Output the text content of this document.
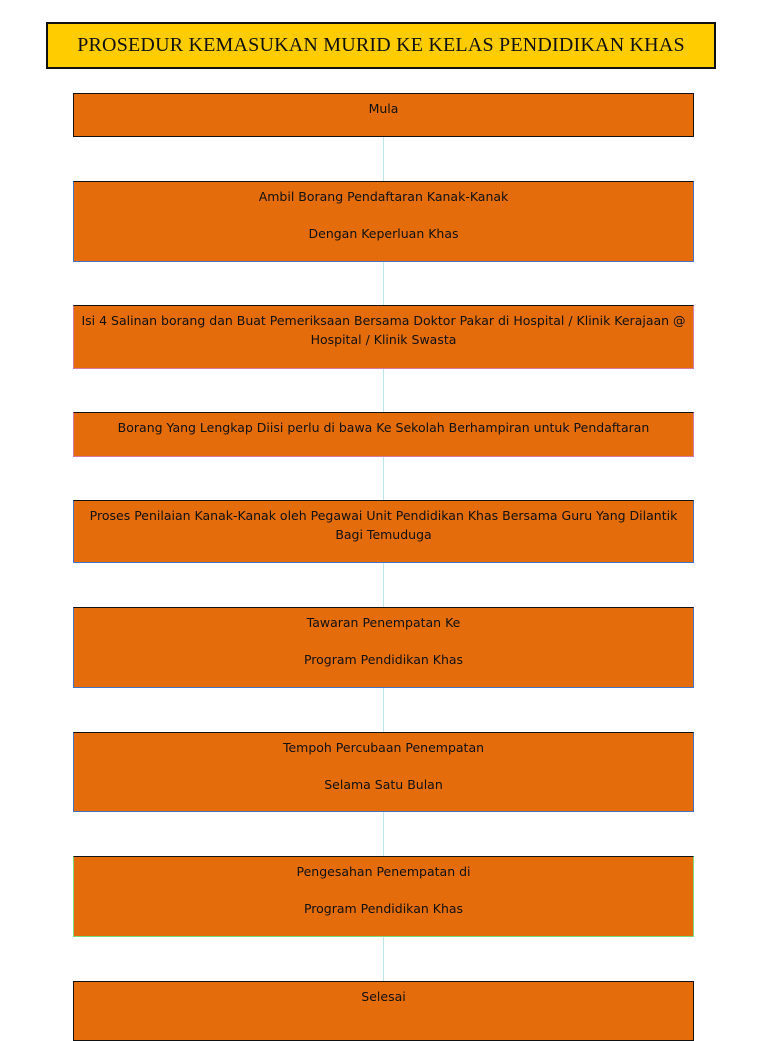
PROSEDUR KEMASUKAN MURID KE KELAS PENDIDIKAN KHAS
Mula
Ambil Borang Pendaftaran Kanak-Kanak
Dengan Keperluan Khas
Isi 4 Salinan borang dan Buat Pemeriksaan Bersama Doktor Pakar di Hospital / Klinik Kerajaan @
Hospital / Klinik Swasta
Borang Yang Lengkap Diisi perlu di bawa Ke Sekolah Berhampiran untuk Pendaftaran
Proses Penilaian Kanak-Kanak oleh Pegawai Unit Pendidikan Khas Bersama Guru Yang Dilantik
Bagi Temuduga
Tawaran Penempatan Ke
Program Pendidikan Khas
Tempoh Percubaan Penempatan
Selama Satu Bulan
Pengesahan Penempatan di
Program Pendidikan Khas
Selesai
